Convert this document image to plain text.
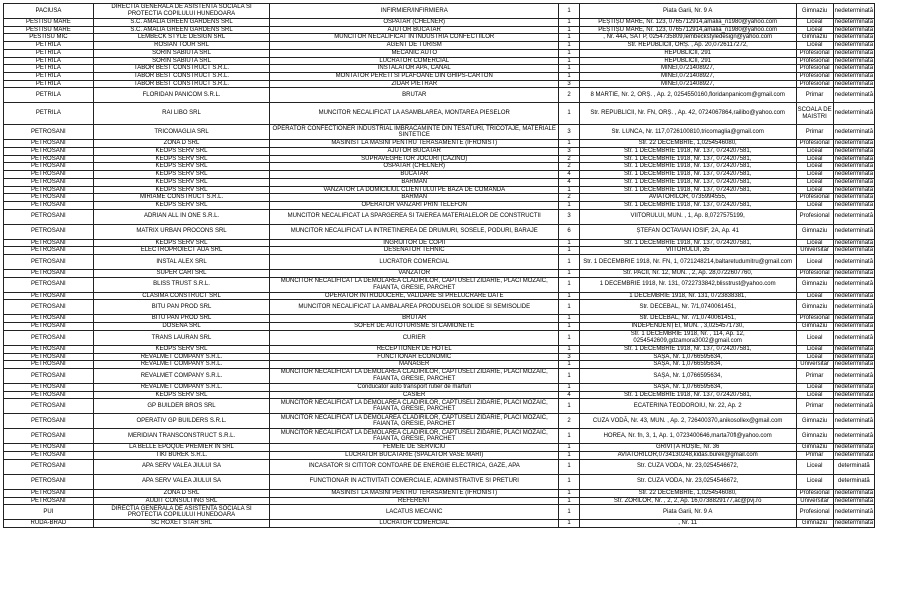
PACIUSA	DIRECTIA GENERALA DE ASISTENTA SOCIALA SI PROTECTIA COPILULUI HUNEDOARA	INFIRMIER/INFIRMIERA	1	Piata Garii, Nr. 9 A	Gimnaziu	nedeterminată
PESTISU MARE	S.C. AMALIA GREEN GARDENS SRL	OSPATAR (CHELNER)	1	PEȘTIȘU MARE, Nr. 123, 0765712914,amalia_n1980@yahoo.com	Liceal	nedeterminată
PESTISU MARE	S.C. AMALIA GREEN GARDENS SRL	AJUTOR BUCATAR	1	PEȘTIȘU MARE, Nr. 123, 0765712914,amalia_n1980@yahoo.com	Liceal	nedeterminată
PESTISU MIC	LEMBECK STYLE DESIGN SRL	MUNCITOR NECALIFICAT IN INDUSTRIA CONFECTIILOR	1	, Nr. 44A, SAT P, 0254735809,lembeckstyledesign@yahoo.com	Gimnaziu	nedeterminată
PETRILA	ROSIAN TOUR SRL	AGENT DE TURISM	1	Str. REPUBLICII, ORȘ. , Ap. 20,0726117272,	Liceal	nedeterminată
PETRILA	SORIN SABIUTA SRL	MECANIC AUTO	1	REPUBLICII, 291	Profesional	nedeterminată
PETRILA	SORIN SABIUTA SRL	LUCRATOR COMERCIAL	1	REPUBLICII, 291	Profesional	nedeterminată
PETRILA	TABOR BEST CONSTRUCT S.R.L.	INSTALATOR APA, CANAL	1	MINEI,0721408927,	Profesional	nedeterminată
PETRILA	TABOR BEST CONSTRUCT S.R.L.	MONTATOR PERETI SI PLAFOANE DIN GHIPS-CARTON	1	MINEI,0721408927,	Profesional	nedeterminată
PETRILA	TABOR BEST CONSTRUCT S.R.L.	ZIDAR PIETRAR	3	MINEI,0721408927,	Profesional	nedeterminată
PETRILA	FLORIDAN PANICOM S.R.L.	BRUTAR	2	8 MARTIE, Nr. 2, ORȘ. , Ap. 2, 0254550160,floridanpanicom@gmail.com	Primar	nedeterminată
PETRILA	RAI LIBO SRL	MUNCITOR NECALIFICAT LA ASAMBLAREA, MONTAREA PIESELOR	1	Str. REPUBLICII, Nr. FN, ORȘ. , Ap. 42, 0724067864,railibo@yahoo.com	SCOALA DE MAISTRI	nedeterminată
PETROSANI	TRICOMAGLIA SRL	OPERATOR CONFECTIONER INDUSTRIAL IMBRACAMINTE DIN TESATURI, TRICOTAJE, MATERIALE SINTETICE	3	Str. LUNCA, Nr. 117,0726100810,tricomaglia@gmail.com	Primar	nedeterminată
PETROSANI	ZONA D SRL	MASINIST LA MASINI PENTRU TERASAMENTE (IFRONIST)	1	Str. 22 DECEMBRIE, 1,0254546080,	Profesional	nedeterminată
PETROSANI	KEOPS SERV SRL	AJUTOR BUCATAR	3	Str. 1 DECEMBRIE 1918, Nr. 137, 0724207581,	Liceal	nedeterminată
PETROSANI	KEOPS SERV SRL	SUPRAVEGHETOR JOCURI (CAZINO)	2	Str. 1 DECEMBRIE 1918, Nr. 137, 0724207581,	Liceal	nedeterminată
PETROSANI	KEOPS SERV SRL	OSPATAR (CHELNER)	2	Str. 1 DECEMBRIE 1918, Nr. 137, 0724207581,	Liceal	nedeterminată
PETROSANI	KEOPS SERV SRL	BUCATAR	4	Str. 1 DECEMBRIE 1918, Nr. 137, 0724207581,	Liceal	nedeterminată
PETROSANI	KEOPS SERV SRL	BARMAN	4	Str. 1 DECEMBRIE 1918, Nr. 137, 0724207581,	Liceal	nedeterminată
PETROSANI	KEOPS SERV SRL	VANZATOR LA DOMICILIUL CLIENTULUI PE BAZA DE COMANDA	1	Str. 1 DECEMBRIE 1918, Nr. 137, 0724207581,	Liceal	nedeterminată
PETROSANI	MIRIAME CONSTRUCT S.R.L.	BARMAN	2	AVIATORILOR, 0735994555,	Profesional	nedeterminată
PETROSANI	KEOPS SERV SRL	OPERATOR VANZARI PRIN TELEFON	1	Str. 1 DECEMBRIE 1918, Nr. 137, 0724207581,	Liceal	nedeterminată
PETROSANI	ADRIAN ALL IN ONE S.R.L.	MUNCITOR NECALIFICAT LA SPARGEREA SI TAIEREA MATERIALELOR DE CONSTRUCTII	3	VIITORULUI, MUN. , 1, Ap. 8,0727575199,	Profesional	nedeterminată
PETROSANI	MATRIX URBAN PROCONS SRL	MUNCITOR NECALIFICAT LA INTRETINEREA DE DRUMURI, SOSELE, PODURI, BARAJE	6	ȘTEFAN OCTAVIAN IOSIF, 2A, Ap. 41	Gimnaziu	nedeterminată
PETROSANI	KEOPS SERV SRL	INGRIJITOR DE COPII	1	Str. 1 DECEMBRIE 1918, Nr. 137, 0724207581,	Liceal	nedeterminată
PETROSANI	ELECTROPROIECT ADA SRL	DESENATOR TEHNIC	1	VIITORULUI, 35	Universitar	nedeterminată
PETROSANI	INSTAL ALEX SRL	LUCRATOR COMERCIAL	1	Str. 1 DECEMBRIE 1918, Nr. FN, 1, 0721248214,baltaretudumitru@gmail.com	Liceal	nedeterminată
PETROSANI	SUPER CARI SRL	VANZATOR	1	Str. PACII, Nr. 12, MUN. , 2, Ap. 28,0722607760,	Profesional	nedeterminată
PETROSANI	BLISS TRUST S.R.L.	MUNCITOR NECALIFICAT LA DEMOLAREA CLADIRILOR, CAPTUSELI ZIDARIE, PLACI MOZAIC, FAIANTA, GRESIE, PARCHET	1	1 DECEMBRIE 1918, Nr. 131, 0722733842,blisstrust@yahoo.com	Gimnaziu	nedeterminată
PETROSANI	CLASIMA CONSTRUCT SRL	OPERATOR INTRODUCERE, VALIDARE SI PRELUCRARE DATE	1	1 DECEMBRIE 1918, Nr. 131, 0723838381,	Liceal	nedeterminată
PETROSANI	BITU PAN PROD SRL	MUNCITOR NECALIFICAT LA AMBALAREA PRODUSELOR SOLIDE SI SEMISOLIDE	1	Str. DECEBAL, Nr. 7/1,0740061451,	Gimnaziu	nedeterminată
PETROSANI	BITU PAN PROD SRL	BRUTAR	1	Str. DECEBAL, Nr. 7/1,0740061451,	Profesional	nedeterminată
PETROSANI	DOSENA SRL	SOFER DE AUTOTURISME SI CAMIONETE	1	INDEPENDENȚEI, MUN. , 3,0254571730,	Gimnaziu	nedeterminată
PETROSANI	TRANS LAURAN SRL	CURIER	1	Str. 1 DECEMBRIE 1918, Nr. , 114, Ap. 12, 0254542609,gdzamora3002@gmail.com	Liceal	nedeterminată
PETROSANI	KEOPS SERV SRL	RECEPTIONER DE HOTEL	1	Str. 1 DECEMBRIE 1918, Nr. 137, 0724207581,	Liceal	nedeterminată
PETROSANI	REVALMET COMPANY S.R.L.	FUNCTIONAR ECONOMIC	3	SAȘA, Nr. 1,0766595634,	Liceal	nedeterminată
PETROSANI	REVALMET COMPANY S.R.L.	MANAGER	1	SAȘA, Nr. 1,0766595634,	Universitar	nedeterminată
PETROSANI	REVALMET COMPANY S.R.L.	MUNCITOR NECALIFICAT LA DEMOLAREA CLADIRILOR, CAPTUSELI ZIDARIE, PLACI MOZAIC, FAIANTA, GRESIE, PARCHET	1	SAȘA, Nr. 1,0766595634,	Primar	nedeterminată
PETROSANI	REVALMET COMPANY S.R.L.	Conducator auto transport rutier de mărfuri	1	SAȘA, Nr. 1,0766595634,	Liceal	nedeterminată
PETROSANI	KEOPS SERV SRL	CASIER	4	Str. 1 DECEMBRIE 1918, Nr. 137, 0724207581,	Liceal	nedeterminată
PETROSANI	GP BUILDER BROS SRL	MUNCITOR NECALIFICAT LA DEMOLAREA CLADIRILOR, CAPTUSELI ZIDARIE, PLACI MOZAIC, FAIANTA, GRESIE, PARCHET	1	ECATERINA TEODOROIU, Nr. 22, Ap. 2	Primar	nedeterminată
PETROSANI	OPERATIV GP BUILDERS S.R.L.	MUNCITOR NECALIFICAT LA DEMOLAREA CLADIRILOR, CAPTUSELI ZIDARIE, PLACI MOZAIC, FAIANTA, GRESIE, PARCHET	2	CUZA VODĂ, Nr. 43, MUN. , Ap. 2, 726400370,anikosollex@gmail.com	Gimnaziu	nedeterminată
PETROSANI	MERIDIAN TRANSCONSTRUCT S.R.L.	MUNCITOR NECALIFICAT LA DEMOLAREA CLADIRILOR, CAPTUSELI ZIDARIE, PLACI MOZAIC, FAIANTA, GRESIE, PARCHET	1	HOREA, Nr. fn, 3, 1, Ap. 1, 0723400646,marta70fl@yahoo.com	Gimnaziu	nedeterminată
PETROSANI	LA BELLE EPOQUE PREMIER IN SRL	FEMEIE DE SERVICIU	1	GRIVIȚA ROȘIE, Nr. 36	Gimnaziu	nedeterminată
PETROSANI	TIKI BUREK S.R.L.	LUCRATOR BUCATARIE (SPALATOR VASE MARI)	1	AVIATORILOR,0734130248,kidas.burek@gmail.com	Primar	nedeterminată
PETROSANI	APA SERV VALEA JIULUI SA	INCASATOR SI CITITOR CONTOARE DE ENERGIE ELECTRICA, GAZE, APA	1	Str. CUZA VODA, Nr. 23,0254546672,	Liceal	determinată
PETROSANI	APA SERV VALEA JIULUI SA	FUNCTIONAR IN ACTIVITATI COMERCIALE, ADMINISTRATIVE SI PRETURI	1	Str. CUZA VODA, Nr. 23,0254546672,	Liceal	determinată
PETROSANI	ZONA D SRL	MASINIST LA MASINI PENTRU TERASAMENTE (IFRONIST)	1	Str. 22 DECEMBRIE, 1,0254546080,	Profesional	nedeterminată
PETROSANI	AUDIT CONSULTING SRL	REFERENT	1	Str. ZORILOR, Nr. , 2, 2, Ap. 16,0738829177,ac@pvj.ro	Universitar	nedeterminată
PUI	DIRECTIA GENERALA DE ASISTENTA SOCIALA SI PROTECTIA COPILULUI HUNEDOARA	LACATUS MECANIC	1	Piata Garii, Nr. 9 A	Profesional	nedeterminată
RUDA-BRAD	SC ROXET STAR SRL	LUCRATOR COMERCIAL	1	, Nr. 11	Gimnaziu	nedeterminată
